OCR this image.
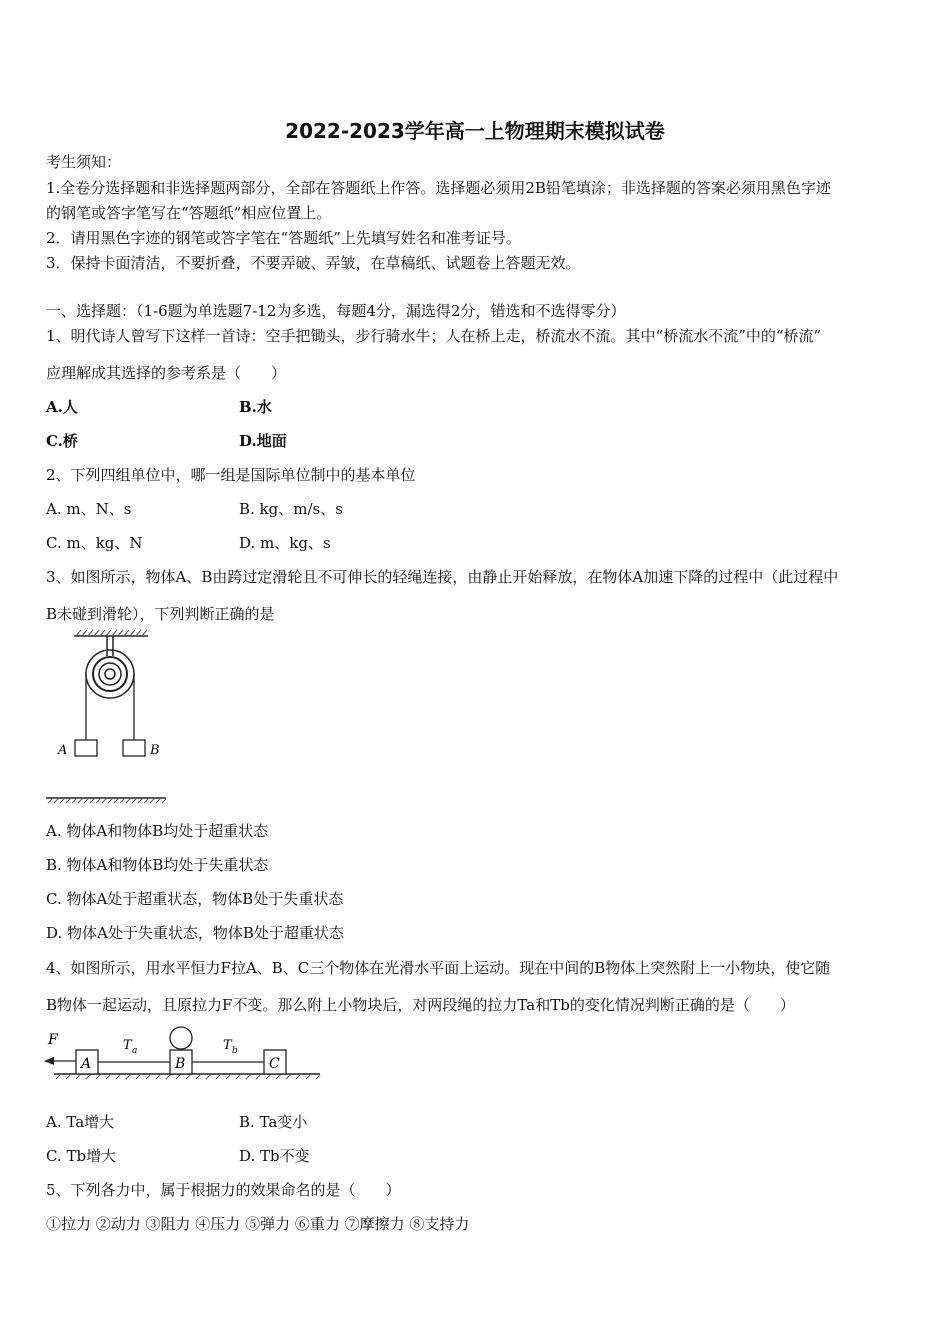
2022-2023学年高一上物理期末模拟试卷
考生须知：
1.全卷分选择题和非选择题两部分，全部在答题纸上作答。选择题必须用2B铅笔填涂；非选择题的答案必须用黑色字迹
的钢笔或答字笔写在“答题纸”相应位置上。
2．请用黑色字迹的钢笔或答字笔在“答题纸”上先填写姓名和准考证号。
3．保持卡面清洁，不要折叠，不要弄破、弄皱，在草稿纸、试题卷上答题无效。
一、选择题：（1-6题为单选题7-12为多选，每题4分，漏选得2分，错选和不选得零分）
1、明代诗人曾写下这样一首诗：空手把锄头，步行骑水牛；人在桥上走，桥流水不流。其中“桥流水不流”中的“桥流”
应理解成其选择的参考系是（　　）
A.人	B.水
C.桥	D.地面
2、下列四组单位中，哪一组是国际单位制中的基本单位
A. m、N、s	B. kg、m/s、s
C. m、kg、N	D. m、kg、s
3、如图所示，物体A、B由跨过定滑轮且不可伸长的轻绳连接，由静止开始释放，在物体A加速下降的过程中（此过程中
B未碰到滑轮），下列判断正确的是
A	B
A. 物体A和物体B均处于超重状态
B. 物体A和物体B均处于失重状态
C. 物体A处于超重状态，物体B处于失重状态
D. 物体A处于失重状态，物体B处于超重状态
4、如图所示，用水平恒力F拉A、B、C三个物体在光滑水平面上运动。现在中间的B物体上突然附上一小物块，使它随
B物体一起运动，且原拉力F不变。那么附上小物块后，对两段绳的拉力Ta和Tb的变化情况判断正确的是（　　）
F
A
T a
B
T b
C
A. Ta增大	B. Ta变小
C. Tb增大	D. Tb不变
5、下列各力中，属于根据力的效果命名的是（　　）
①拉力 ②动力 ③阻力 ④压力 ⑤弹力 ⑥重力 ⑦摩擦力 ⑧支持力
